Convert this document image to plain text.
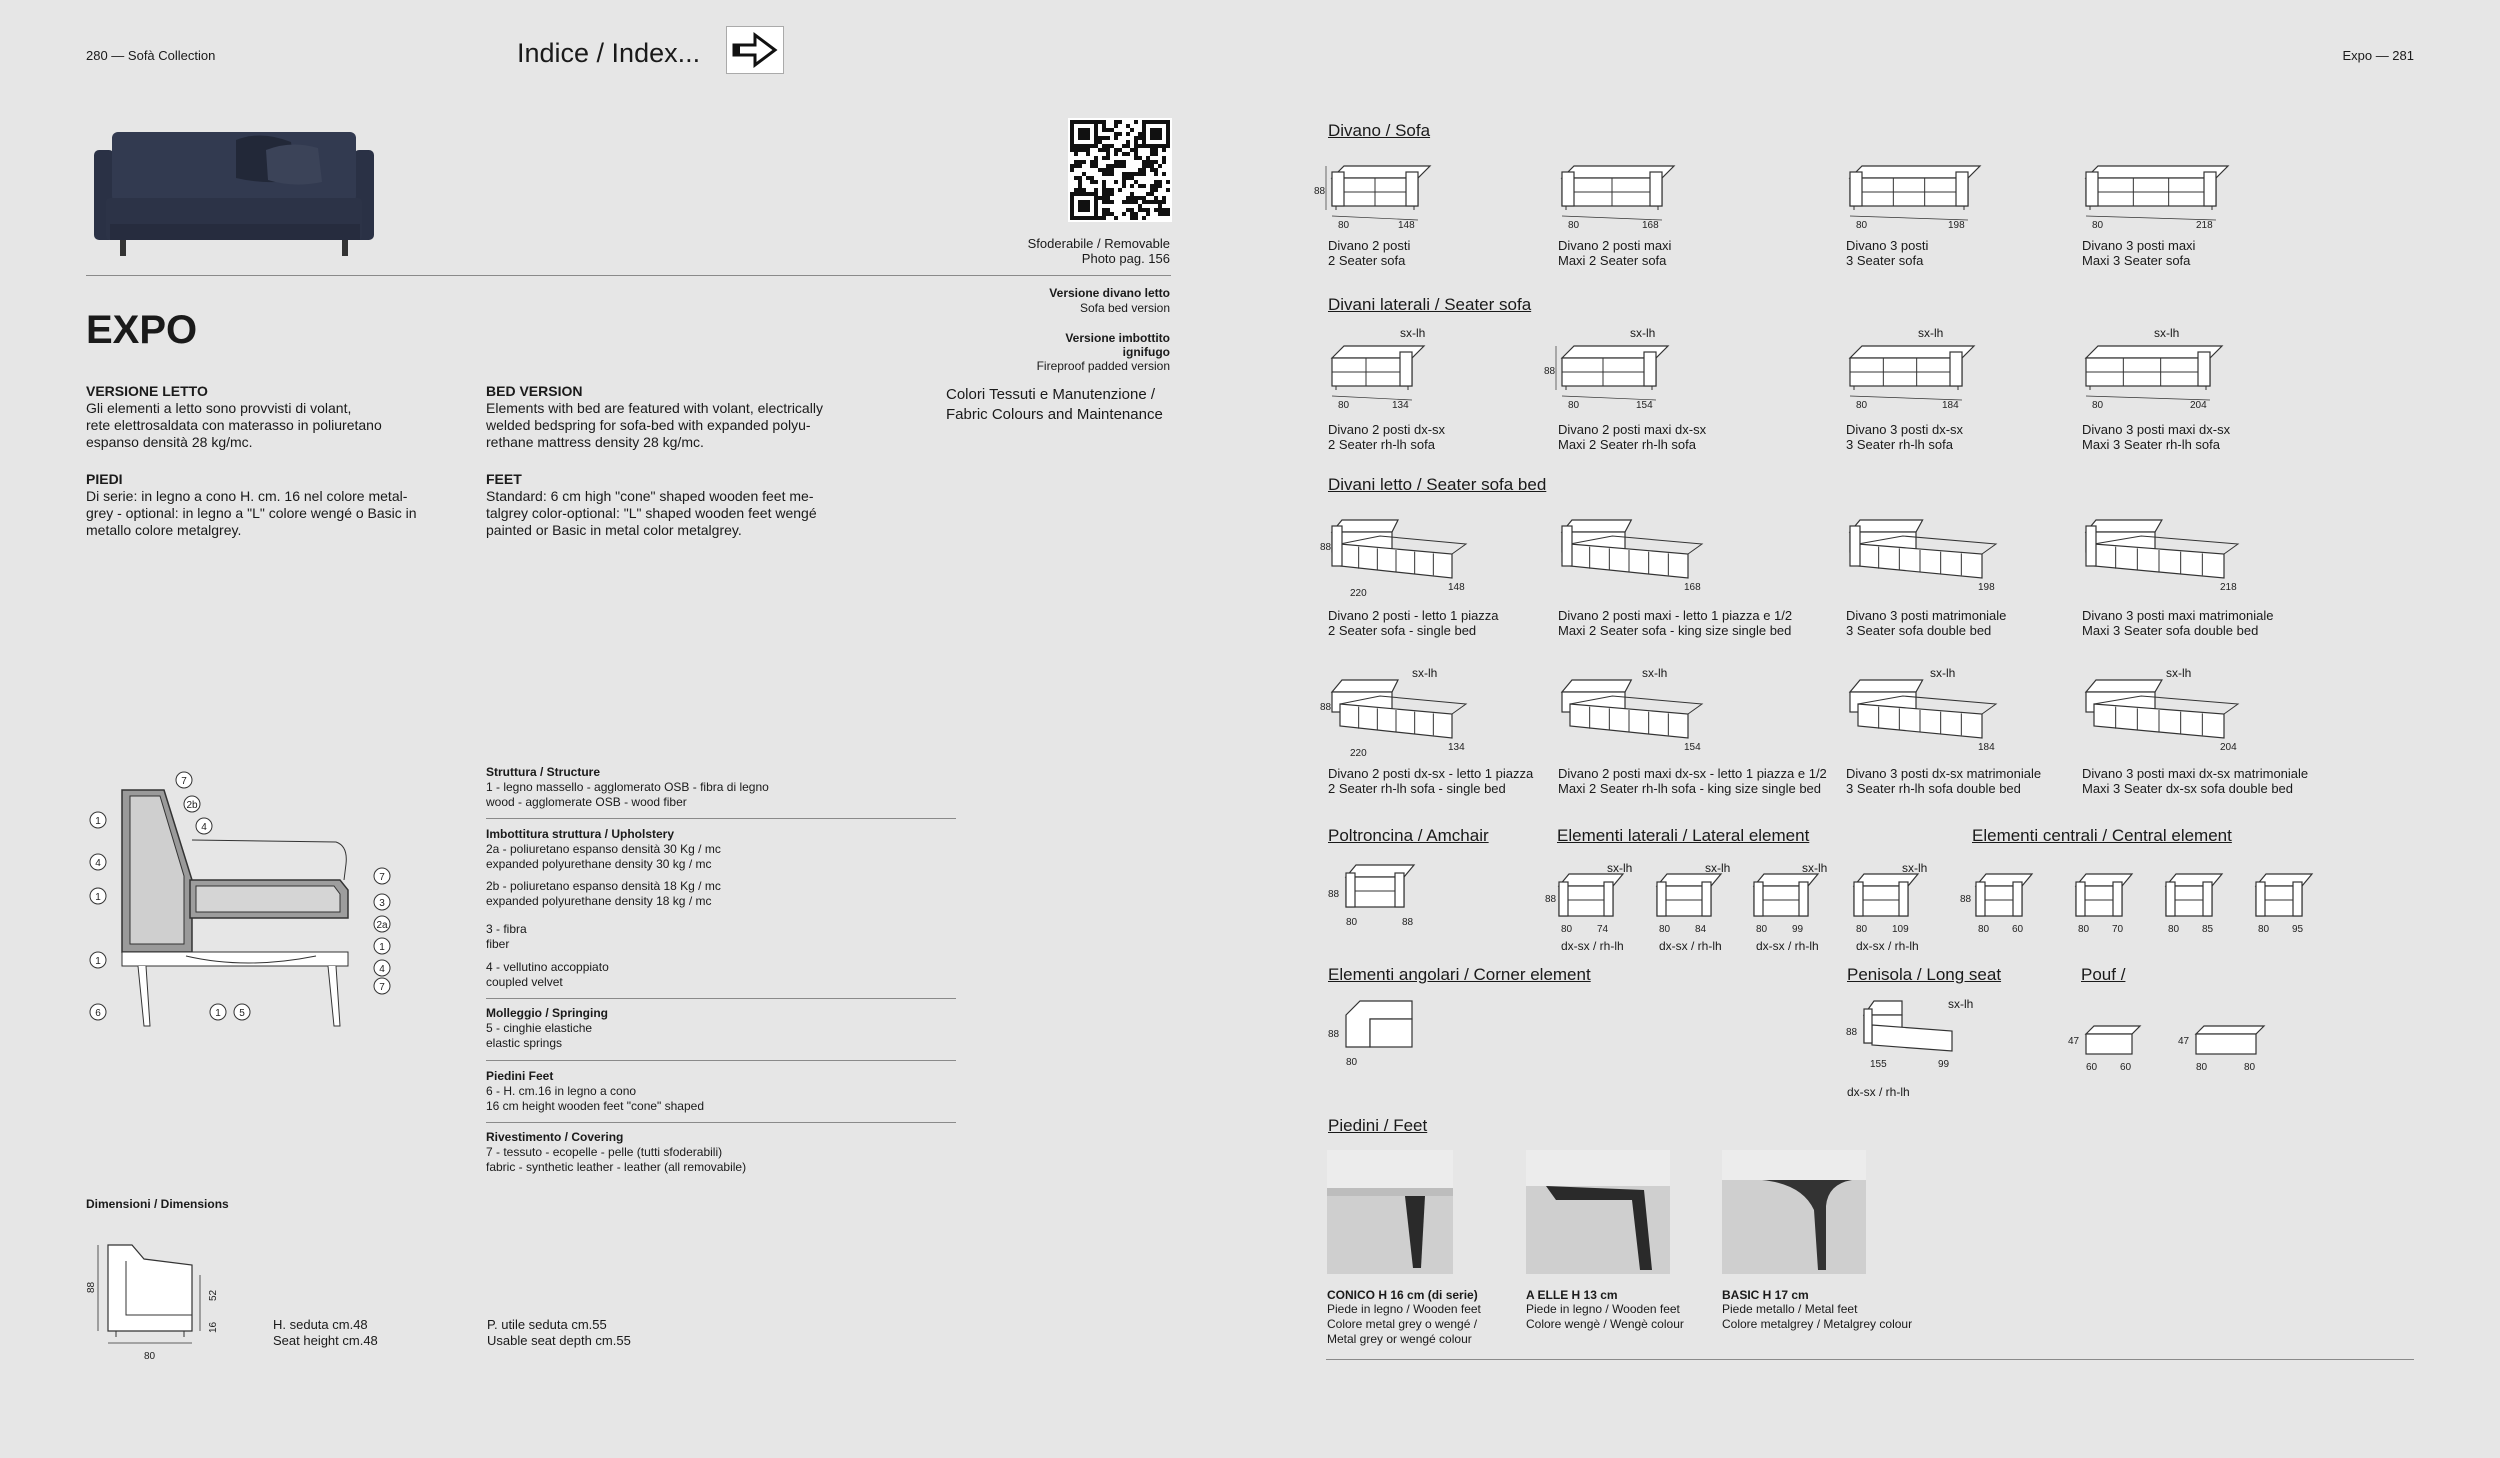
280 — Sofà Collection	Indice / Index...
Sfoderabile / Removable
Photo pag. 156
Versione divano letto
Sofa bed version
Versione imbottito
ignifugo
Fireproof padded version
Colori Tessuti e Manutenzione /
Fabric Colours and Maintenance
EXPO
VERSIONE LETTO
Gli elementi a letto sono provvisti di volant,
rete elettrosaldata con materasso in poliuretano
espanso densità 28 kg/mc.
PIEDI
Di serie: in legno a cono H. cm. 16 nel colore metal-
grey - optional: in legno a "L" colore wengé o Basic in
metallo colore metalgrey.
BED VERSION
Elements with bed are featured with volant, electrically
welded bedspring for sofa-bed with expanded polyu-
rethane mattress density 28 kg/mc.
FEET
Standard: 6 cm high "cone" shaped wooden feet me-
talgrey color-optional: "L" shaped wooden feet wengé
painted or Basic in metal color metalgrey.
7
2b
4
1
4
1
1
7
3
2a
1
4
7
6	1 5
Struttura / Structure
1 - legno massello - agglomerato OSB - fibra di legno
wood - agglomerate OSB - wood fiber
Imbottitura struttura / Upholstery
2a - poliuretano espanso densità 30 Kg / mc
expanded polyurethane density 30 kg / mc
2b - poliuretano espanso densità 18 Kg / mc
expanded polyurethane density 18 kg / mc
3 - fibra
fiber
4 - vellutino accoppiato
coupled velvet
Molleggio / Springing
5 - cinghie elastiche
elastic springs
Piedini Feet
6 - H. cm.16 in legno a cono
16 cm height wooden feet "cone" shaped
Rivestimento / Covering
7 - tessuto - ecopelle - pelle (tutti sfoderabili)
fabric - synthetic leather - leather (all removabile)
Dimensioni / Dimensions
88
52
16
80
H. seduta cm.48
Seat height cm.48
P. utile seduta cm.55
Usable seat depth cm.55
Expo — 281
Divano / Sofa
Divani laterali / Seater sofa
Divani letto / Seater sofa bed
Poltroncina / Amchair	Elementi laterali / Lateral element	Elementi centrali / Central element
Elementi angolari / Corner element	Penisola / Long seat	Pouf /
Piedini / Feet
88
80	148
Divano 2 posti
2 Seater sofa
80	168
Divano 2 posti maxi
Maxi 2 Seater sofa
80	198
Divano 3 posti
3 Seater sofa
80	218
Divano 3 posti maxi
Maxi 3 Seater sofa
80	134
sx-lh
Divano 2 posti dx-sx
2 Seater rh-lh sofa
88
80	154
sx-lh
Divano 2 posti maxi dx-sx
Maxi 2 Seater rh-lh sofa
80	184
sx-lh
Divano 3 posti dx-sx
3 Seater rh-lh sofa
80	204
sx-lh
Divano 3 posti maxi dx-sx
Maxi 3 Seater rh-lh sofa
88
220
148
Divano 2 posti - letto 1 piazza
2 Seater sofa - single bed
168
Divano 2 posti maxi - letto 1 piazza e 1/2
Maxi 2 Seater sofa - king size single bed
198
Divano 3 posti matrimoniale
3 Seater sofa double bed
218
Divano 3 posti maxi matrimoniale
Maxi 3 Seater sofa double bed
88
220
134
sx-lh
Divano 2 posti dx-sx - letto 1 piazza
2 Seater rh-lh sofa - single bed
154
sx-lh
Divano 2 posti maxi dx-sx - letto 1 piazza e 1/2
Maxi 2 Seater rh-lh sofa - king size single bed
184
sx-lh
Divano 3 posti dx-sx matrimoniale
3 Seater rh-lh sofa double bed
204
sx-lh
Divano 3 posti maxi dx-sx matrimoniale
Maxi 3 Seater dx-sx sofa double bed
88
80	88
88
80 74
sx-lh
dx-sx / rh-lh
80 84
sx-lh
dx-sx / rh-lh
80 99
sx-lh
dx-sx / rh-lh
80 109
sx-lh
dx-sx / rh-lh
88
80 60	80 70	80 85	80 95
88
80
88
155	99
sx-lh
dx-sx / rh-lh
47
60 60
47
80	80
CONICO H 16 cm (di serie)
Piede in legno / Wooden feet
Colore metal grey o wengé /
Metal grey or wengé colour
A ELLE H 13 cm
Piede in legno / Wooden feet
Colore wengè / Wengè colour
BASIC H 17 cm
Piede metallo / Metal feet
Colore metalgrey / Metalgrey colour
